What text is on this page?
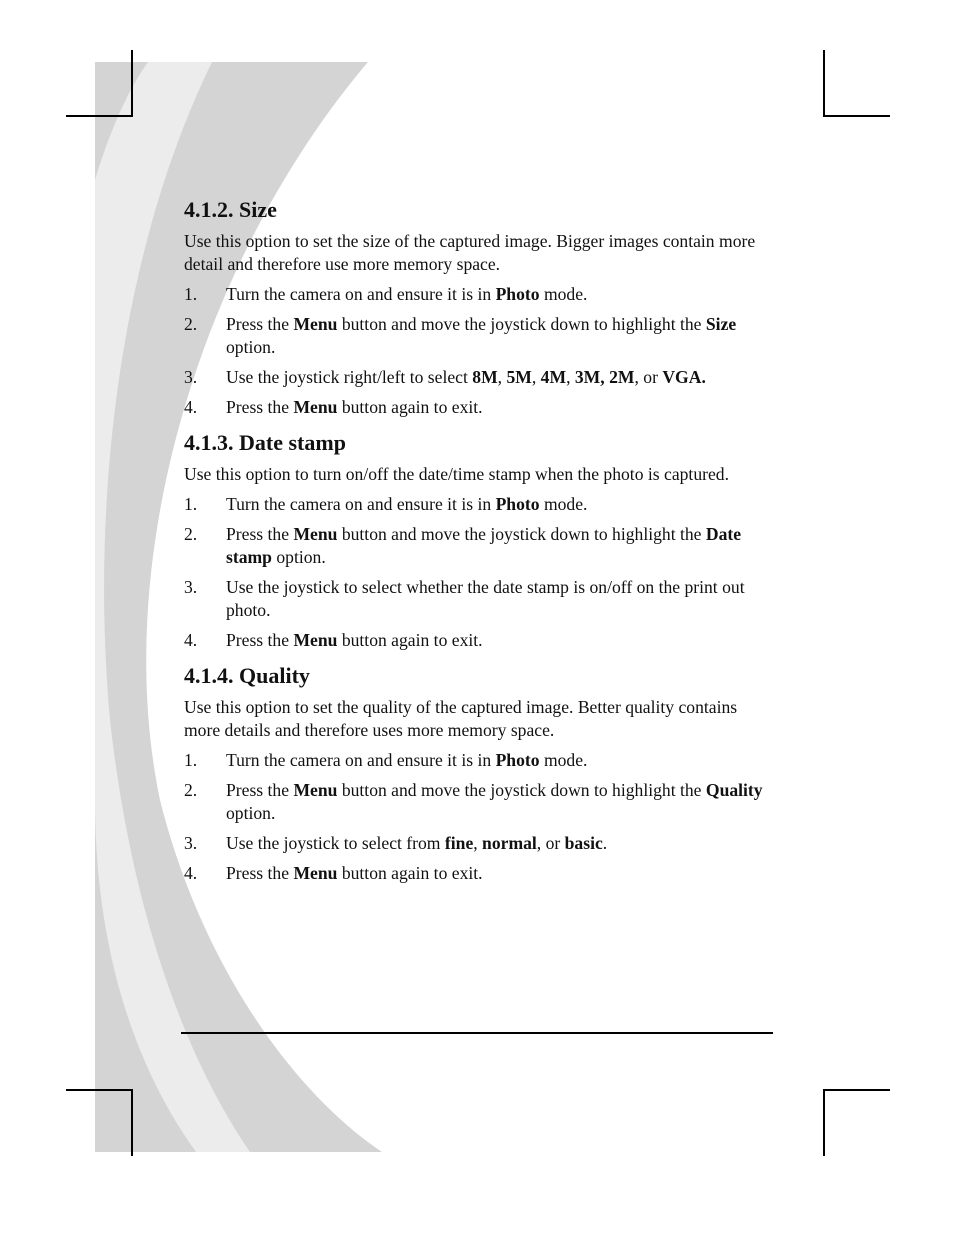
4.1.2. Size

Use this option to set the size of the captured image. Bigger images contain more detail and therefore use more memory space.

1. Turn the camera on and ensure it is in Photo mode.
2. Press the Menu button and move the joystick down to highlight the Size option.
3. Use the joystick right/left to select 8M, 5M, 4M, 3M, 2M, or VGA.
4. Press the Menu button again to exit.
4.1.3. Date stamp

Use this option to turn on/off the date/time stamp when the photo is captured.

1. Turn the camera on and ensure it is in Photo mode.
2. Press the Menu button and move the joystick down to highlight the Date stamp option.
3. Use the joystick to select whether the date stamp is on/off on the print out photo.
4. Press the Menu button again to exit.
4.1.4. Quality

Use this option to set the quality of the captured image. Better quality contains more details and therefore uses more memory space.

1. Turn the camera on and ensure it is in Photo mode.
2. Press the Menu button and move the joystick down to highlight the Quality option.
3. Use the joystick to select from fine, normal, or basic.
4. Press the Menu button again to exit.
